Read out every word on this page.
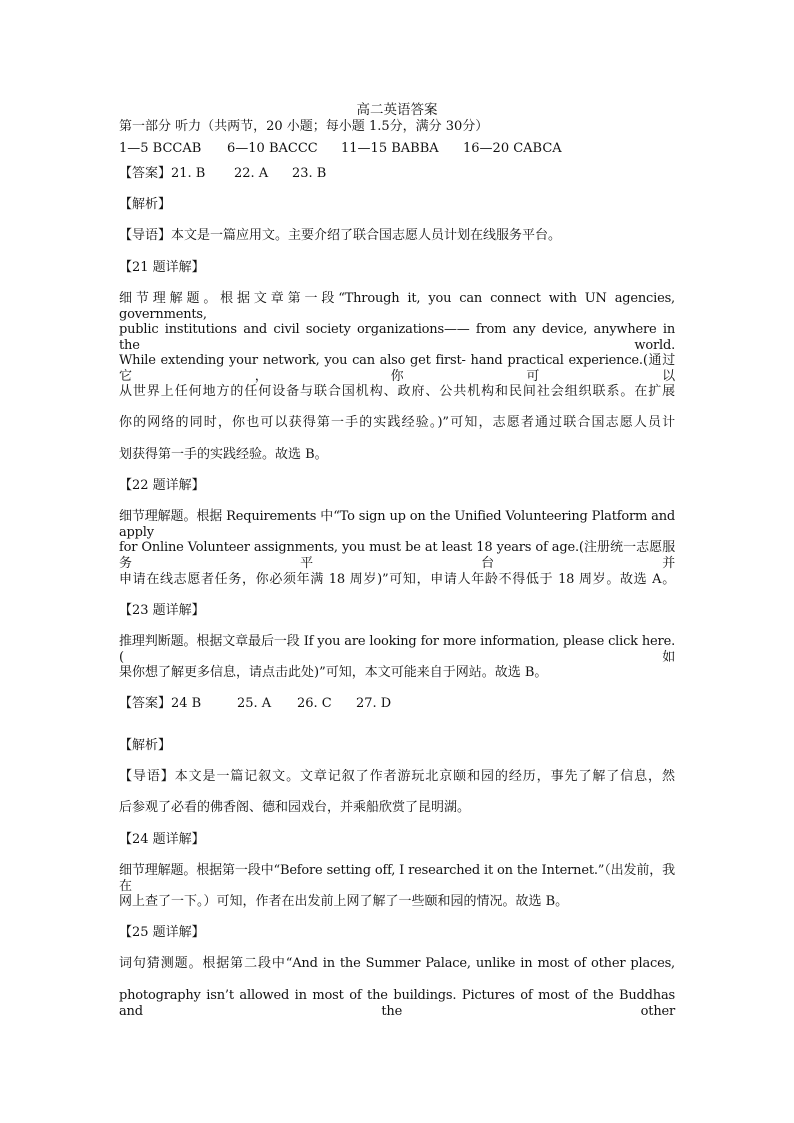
高二英语答案
第一部分 听力（共两节，20 小题；每小题 1.5分，满分 30分）
1—5 BCCAB 6—10 BACCC 11—15 BABBA 16—20 CABCA
【答案】21. B 22. A 23. B
【解析】
【导语】本文是一篇应用文。主要介绍了联合国志愿人员计划在线服务平台。
【21 题详解】
细节理解题。根据文章第一段“Through it, you can connect with UN agencies, governments,
public institutions and civil society organizations—— from any device, anywhere in the world.
While extending your network, you can also get first- hand practical experience.(通过它，你可以
从世界上任何地方的任何设备与联合国机构、政府、公共机构和民间社会组织联系。在扩展
你的网络的同时，你也可以获得第一手的实践经验。)”可知，志愿者通过联合国志愿人员计
划获得第一手的实践经验。故选 B。
【22 题详解】
细节理解题。根据 Requirements 中“To sign up on the Unified Volunteering Platform and apply
for Online Volunteer assignments, you must be at least 18 years of age.(注册统一志愿服务平台并
申请在线志愿者任务，你必须年满 18 周岁)”可知，申请人年龄不得低于 18 周岁。故选 A。
【23 题详解】
推理判断题。根据文章最后一段 If you are looking for more information, please click here.(如
果你想了解更多信息，请点击此处)”可知，本文可能来自于网站。故选 B。
【答案】24 B	25. A 26. C 27. D
【解析】
【导语】本文是一篇记叙文。文章记叙了作者游玩北京颐和园的经历，事先了解了信息，然
后参观了必看的佛香阁、德和园戏台，并乘船欣赏了昆明湖。
【24 题详解】
细节理解题。根据第一段中“Before setting off, I researched it on the Internet.”（出发前，我在
网上查了一下。）可知，作者在出发前上网了解了一些颐和园的情况。故选 B。
【25 题详解】
词句猜测题。根据第二段中“And in the Summer Palace, unlike in most of other places,
photography isn’t allowed in most of the buildings. Pictures of most of the Buddhas and the other
